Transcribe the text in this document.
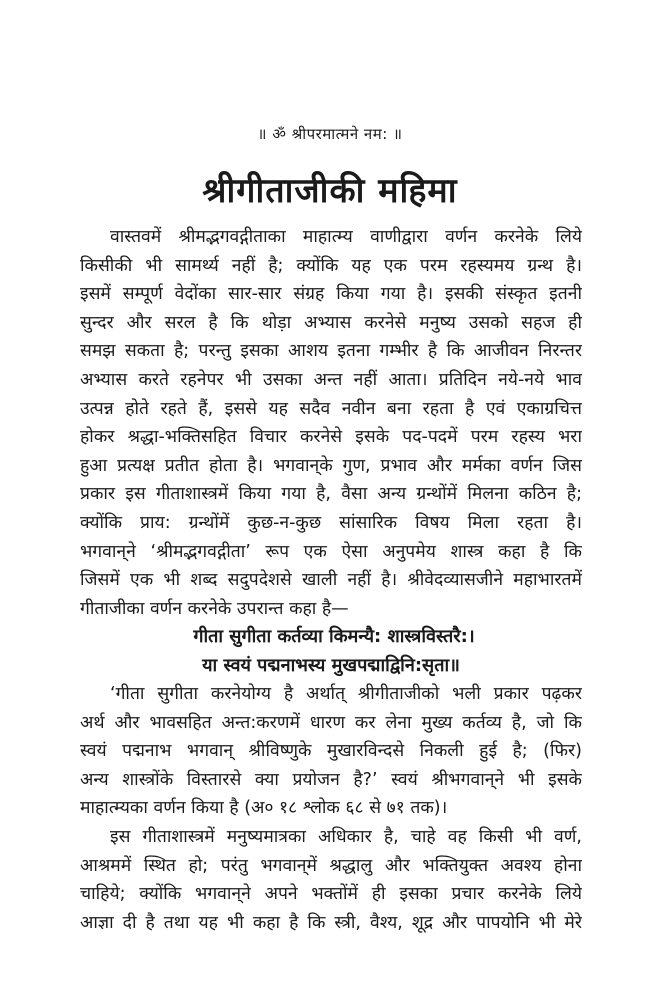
॥ ॐ श्रीपरमात्मने नम: ॥
श्रीगीताजीकी महिमा
वास्तवमें श्रीमद्भगवद्गीताका माहात्म्य वाणीद्वारा वर्णन करनेके लिये
किसीकी भी सामर्थ्य नहीं है; क्योंकि यह एक परम रहस्यमय ग्रन्थ है।
इसमें सम्पूर्ण वेदोंका सार-सार संग्रह किया गया है। इसकी संस्कृत इतनी
सुन्दर और सरल है कि थोड़ा अभ्यास करनेसे मनुष्य उसको सहज ही
समझ सकता है; परन्तु इसका आशय इतना गम्भीर है कि आजीवन निरन्तर
अभ्यास करते रहनेपर भी उसका अन्त नहीं आता। प्रतिदिन नये-नये भाव
उत्पन्न होते रहते हैं, इससे यह सदैव नवीन बना रहता है एवं एकाग्रचित्त
होकर श्रद्धा-भक्तिसहित विचार करनेसे इसके पद-पदमें परम रहस्य भरा
हुआ प्रत्यक्ष प्रतीत होता है। भगवान्‌के गुण, प्रभाव और मर्मका वर्णन जिस
प्रकार इस गीताशास्त्रमें किया गया है, वैसा अन्य ग्रन्थोंमें मिलना कठिन है;
क्योंकि प्राय: ग्रन्थोंमें कुछ-न-कुछ सांसारिक विषय मिला रहता है।
भगवान्‌ने ‘श्रीमद्भगवद्गीता’ रूप एक ऐसा अनुपमेय शास्त्र कहा है कि
जिसमें एक भी शब्द सदुपदेशसे खाली नहीं है। श्रीवेदव्यासजीने महाभारतमें
गीताजीका वर्णन करनेके उपरान्त कहा है—
गीता सुगीता कर्तव्या किमन्यै: शास्त्रविस्तरै:।
या स्वयं पद्मनाभस्य मुखपद्माद्विनि:सृता॥
‘गीता सुगीता करनेयोग्य है अर्थात् श्रीगीताजीको भली प्रकार पढ़कर
अर्थ और भावसहित अन्त:करणमें धारण कर लेना मुख्य कर्तव्य है, जो कि
स्वयं पद्मनाभ भगवान् श्रीविष्णुके मुखारविन्दसे निकली हुई है; (फिर)
अन्य शास्त्रोंके विस्तारसे क्या प्रयोजन है?’ स्वयं श्रीभगवान्‌ने भी इसके
माहात्म्यका वर्णन किया है (अ० १८ श्लोक ६८ से ७१ तक)।
इस गीताशास्त्रमें मनुष्यमात्रका अधिकार है, चाहे वह किसी भी वर्ण,
आश्रममें स्थित हो; परंतु भगवान्‌में श्रद्धालु और भक्तियुक्त अवश्य होना
चाहिये; क्योंकि भगवान्‌ने अपने भक्तोंमें ही इसका प्रचार करनेके लिये
आज्ञा दी है तथा यह भी कहा है कि स्त्री, वैश्य, शूद्र और पापयोनि भी मेरे
